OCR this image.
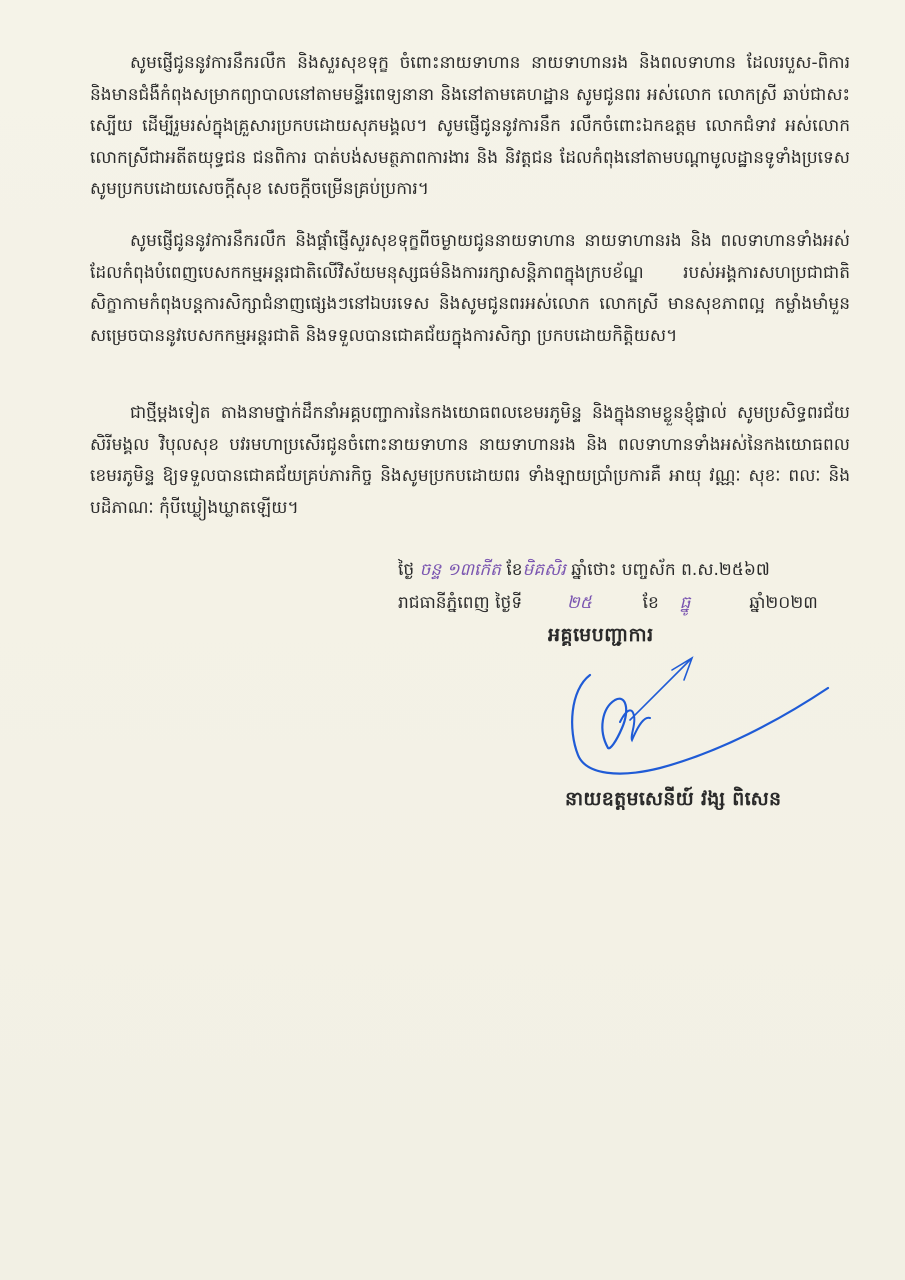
សូមផ្ញើជូននូវការនឹករលឹក និងសួរសុខទុក្ខ ចំពោះនាយទាហាន នាយទាហានរង និងពលទាហាន ដែលរបួស-ពិការ និងមានជំងឺកំពុងសម្រាកព្យាបាលនៅតាមមន្ទីរពេទ្យនានា និងនៅតាមគេហដ្ឋាន សូមជូនពរ អស់លោក លោកស្រី ឆាប់ជាសះស្បើយ ដើម្បីរួមរស់ក្នុងគ្រួសារប្រកបដោយសុភមង្គល។ សូមផ្ញើជូននូវការនឹក រលឹកចំពោះឯកឧត្តម លោកជំទាវ អស់លោក លោកស្រីជាអតីតយុទ្ធជន ជនពិការ បាត់បង់សមត្ថភាពការងារ និង និវត្តជន ដែលកំពុងនៅតាមបណ្តាមូលដ្ឋានទូទាំងប្រទេស សូមប្រកបដោយសេចក្តីសុខ សេចក្តីចម្រើនគ្រប់ប្រការ។

សូមផ្ញើជូននូវការនឹករលឹក និងផ្តាំផ្ញើសួរសុខទុក្ខពីចម្ងាយជូននាយទាហាន នាយទាហានរង និង ពលទាហានទាំងអស់ ដែលកំពុងបំពេញបេសកកម្មអន្តរជាតិលើវិស័យមនុស្សធម៌និងការរក្សាសន្តិភាពក្នុងក្របខ័ណ្ឌ របស់អង្គការសហប្រជាជាតិ សិក្ខាកាមកំពុងបន្តការសិក្សាជំនាញផ្សេងៗនៅឯបរទេស និងសូមជូនពរអស់លោក លោកស្រី មានសុខភាពល្អ កម្លាំងមាំមួន សម្រេចបាននូវបេសកកម្មអន្តរជាតិ និងទទួលបានជោគជ័យក្នុងការសិក្សា ប្រកបដោយកិត្តិយស។

ជាថ្មីម្តងទៀត តាងនាមថ្នាក់ដឹកនាំអគ្គបញ្ជាការនៃកងយោធពលខេមរភូមិន្ទ និងក្នុងនាមខ្លួនខ្ញុំផ្ទាល់ សូមប្រសិទ្ធពរជ័យ សិរីមង្គល វិបុលសុខ បវរមហាប្រសើរជូនចំពោះនាយទាហាន នាយទាហានរង និង ពលទាហានទាំងអស់នៃកងយោធពលខេមរភូមិន្ទ ឱ្យទទួលបានជោគជ័យគ្រប់ភារកិច្ច និងសូមប្រកបដោយពរ ទាំងឡាយប្រាំប្រការគឺ អាយុ វណ្ណៈ សុខៈ ពលៈ និងបដិភាណៈ កុំបីឃ្លៀងឃ្លាតឡើយ។

ថ្ងៃ ចន្ទ ១៣កើត ខែមិគសិរ ឆ្នាំថោះ បញ្ចស័ក ព.ស.២៥៦៧
រាជធានីភ្នំពេញ ថ្ងៃទី	២៥	ខែ ធ្នូ	ឆ្នាំ២០២៣
អគ្គមេបញ្ជាការ
នាយឧត្តមសេនីយ៍ វង្ស ពិសេន
